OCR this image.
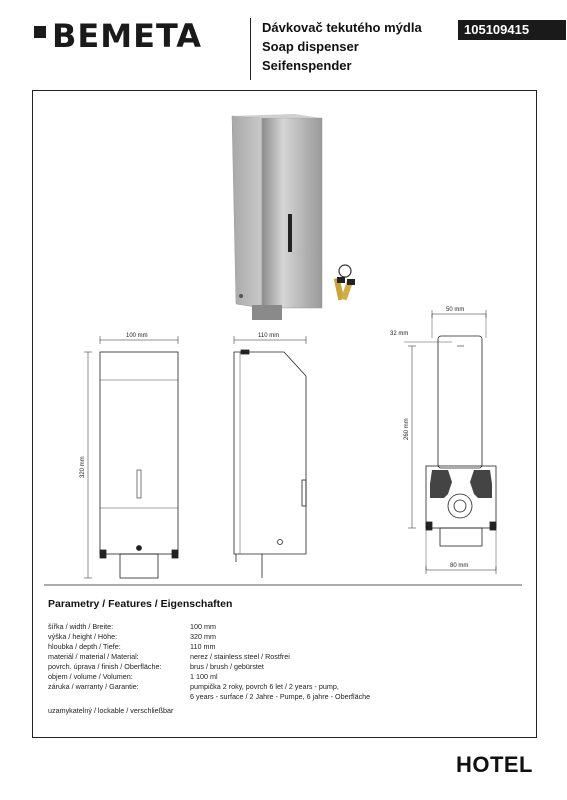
BEMETA	Dávkovač tekutého mýdla
Soap dispenser
Seifenspender
105109415
100 mm
320 mm
110 mm
50 mm
32 mm
260 mm
80 mm
Parametry / Features / Eigenschaften
šířka / width / Breite:	100 mm
výška / height / Höhe:	320 mm
hloubka / depth / Tiefe:	110 mm
materiál / material / Material:	nerez / stainless steel / Rostfrei
povrch. úprava / finish / Oberfläche:	brus / brush / gebürstet
objem / volume / Volumen:	1 100 ml
záruka / warranty / Garantie:	pumpička 2 roky, povrch 6 let / 2 years - pump,
6 years - surface / 2 Jahre - Pumpe, 6 jahre - Oberfläche
uzamykatelný / lockable / verschließbar
HOTEL
